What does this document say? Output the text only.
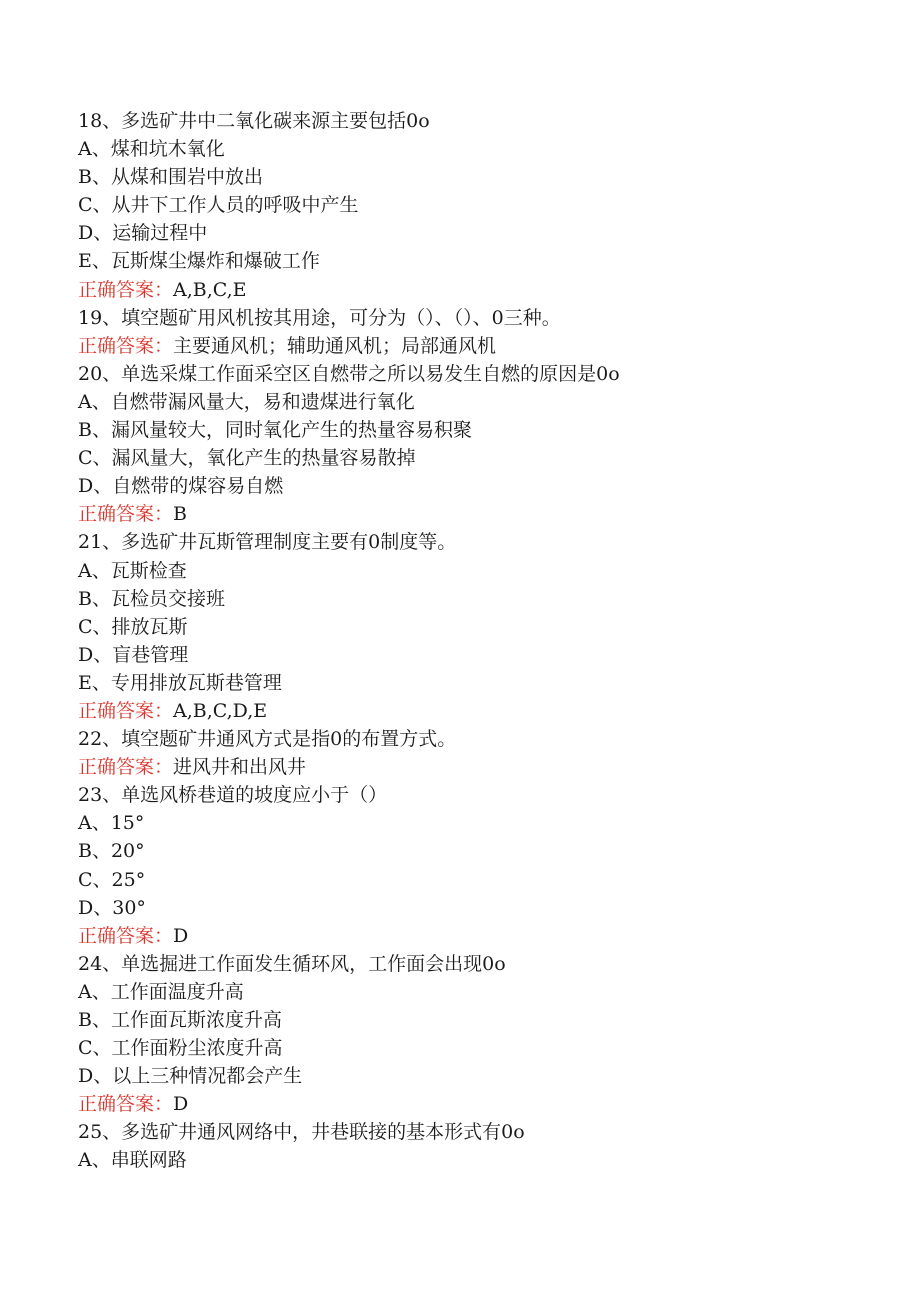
18、多选矿井中二氧化碳来源主要包括0o
A、煤和坑木氧化
B、从煤和围岩中放出
C、从井下工作人员的呼吸中产生
D、运输过程中
E、瓦斯煤尘爆炸和爆破工作
正确答案：A,B,C,E
19、填空题矿用风机按其用途，可分为（）、（）、0三种。
正确答案：主要通风机；辅助通风机；局部通风机
20、单选采煤工作面采空区自燃带之所以易发生自燃的原因是0o
A、自燃带漏风量大，易和遗煤进行氧化
B、漏风量较大，同时氧化产生的热量容易积聚
C、漏风量大，氧化产生的热量容易散掉
D、自燃带的煤容易自燃
正确答案：B
21、多选矿井瓦斯管理制度主要有0制度等。
A、瓦斯检查
B、瓦检员交接班
C、排放瓦斯
D、盲巷管理
E、专用排放瓦斯巷管理
正确答案：A,B,C,D,E
22、填空题矿井通风方式是指0的布置方式。
正确答案：进风井和出风井
23、单选风桥巷道的坡度应小于（）
A、15°
B、20°
C、25°
D、30°
正确答案：D
24、单选掘进工作面发生循环风，工作面会出现0o
A、工作面温度升高
B、工作面瓦斯浓度升高
C、工作面粉尘浓度升高
D、以上三种情况都会产生
正确答案：D
25、多选矿井通风网络中，井巷联接的基本形式有0o
A、串联网路
